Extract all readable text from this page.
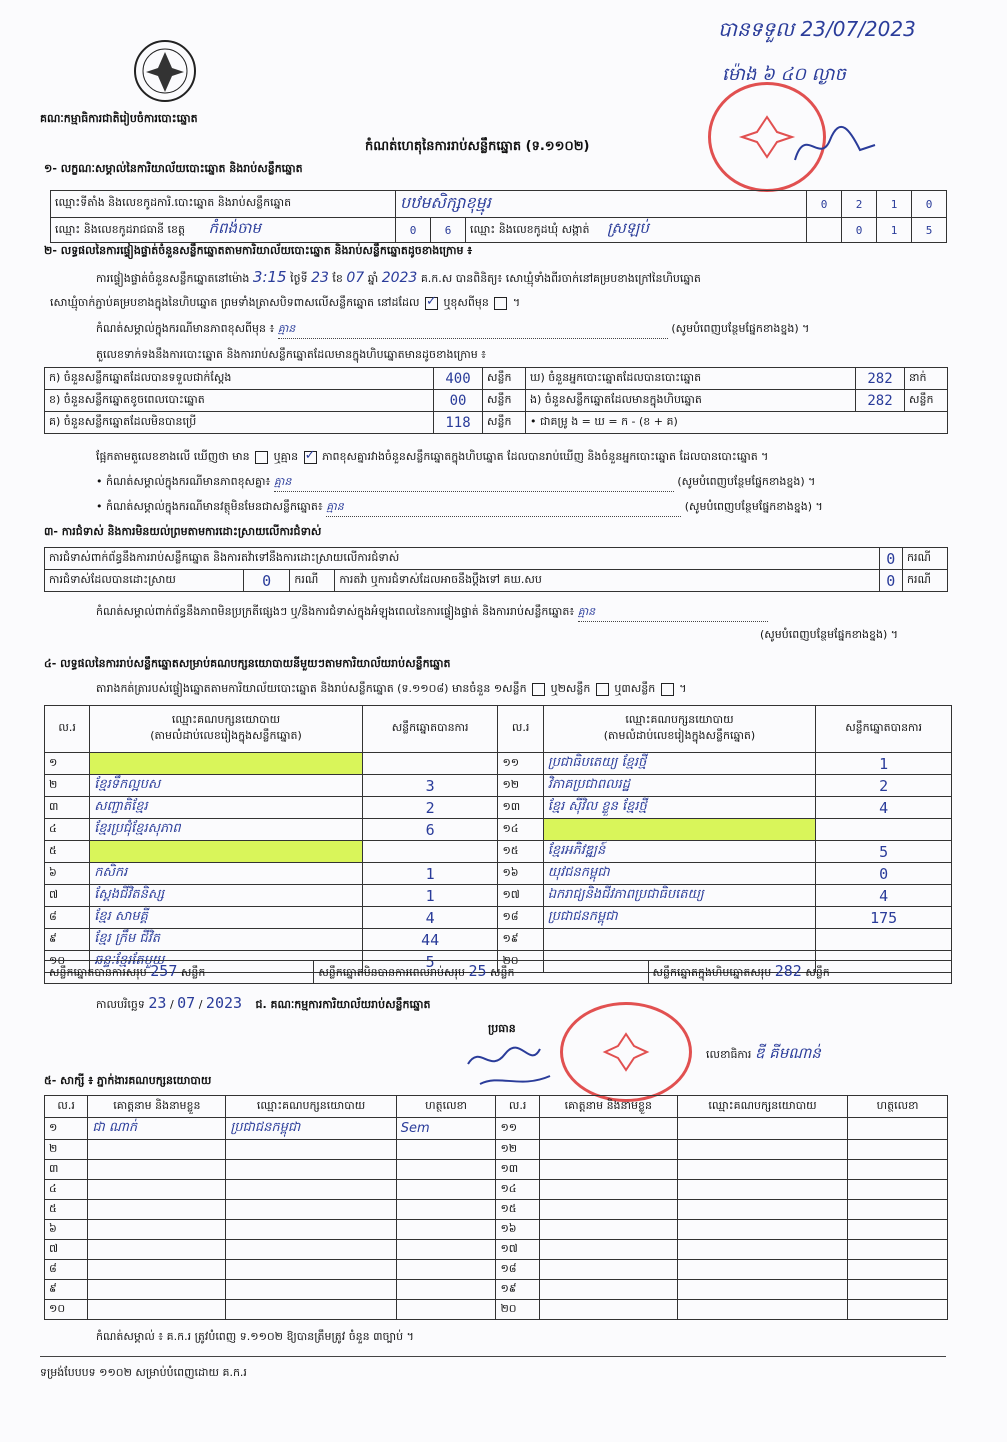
គណៈកម្មាធិការជាតិរៀបចំការបោះឆ្នោត
បានទទួល 23/07/2023
ម៉ោង ៦ ៤០ ល្ងាច
កំណត់ហេតុនៃការរាប់សន្លឹកឆ្នោត (ទ.១១០២)
១- លក្ខណៈសម្គាល់នៃការិយាល័យបោះឆ្នោត និងរាប់សន្លឹកឆ្នោត
ឈ្មោះទីតាំង និងលេខកូដការិ.បោះឆ្នោត និងរាប់សន្លឹកឆ្នោត	បឋមសិក្សាខុម្មុរ			0	2	1	0
ឈ្មោះ និងលេខកូដរាជធានី ខេត្ត កំពង់ចាម	0	6	ឈ្មោះ និងលេខកូដឃុំ សង្កាត់ ស្រឡប់		0	1	5
២- លទ្ធផលនៃការផ្ទៀងផ្ទាត់ចំនួនសន្លឹកឆ្នោតតាមការិយាល័យបោះឆ្នោត និងរាប់សន្លឹកឆ្នោតដូចខាងក្រោម ៖
ការផ្ទៀងផ្ទាត់ចំនួនសន្លឹកឆ្នោតនៅម៉ោង 3:15 ថ្ងៃទី 23 ខែ 07 ឆ្នាំ 2023 គ.ក.ស បានពិនិត្យ៖ សោឃ្មុំទាំងពីរចាក់នៅគម្របខាងក្រៅនៃហិបឆ្នោត
សោឃ្មុំចាក់ភ្ជាប់គម្របខាងក្នុងនៃហិបឆ្នោត ព្រមទាំងត្រាសបិទពាសលើសន្លឹកឆ្នោត នៅដដែល ✓ ឬខុសពីមុន  ។
កំណត់សម្គាល់ក្នុងករណីមានភាពខុសពីមុន ៖ គ្មាន	(សូមបំពេញបន្ថែមផ្នែកខាងខ្នង) ។
តួលេខទាក់ទងនឹងការបោះឆ្នោត និងការរាប់សន្លឹកឆ្នោតដែលមានក្នុងហិបឆ្នោតមានដូចខាងក្រោម ៖
ក) ចំនួនសន្លឹកឆ្នោតដែលបានទទួលជាក់ស្តែង	400	សន្លឹក	ឃ) ចំនួនអ្នកបោះឆ្នោតដែលបានបោះឆ្នោត	282	នាក់
ខ) ចំនួនសន្លឹកឆ្នោតខូចពេលបោះឆ្នោត	00	សន្លឹក	ង) ចំនួនសន្លឹកឆ្នោតដែលមានក្នុងហិបឆ្នោត	282	សន្លឹក
គ) ចំនួនសន្លឹកឆ្នោតដែលមិនបានប្រើ	118	សន្លឹក	• ជាគម្រូ ង = ឃ = ក - (ខ + គ)		
ផ្អែកតាមតួលេខខាងលើ ឃើញថា មាន ឬគ្មាន ✓ ភាពខុសគ្នារវាងចំនួនសន្លឹកឆ្នោតក្នុងហិបឆ្នោត ដែលបានរាប់ឃើញ និងចំនួនអ្នកបោះឆ្នោត ដែលបានបោះឆ្នោត ។
• កំណត់សម្គាល់ក្នុងករណីមានភាពខុសគ្នា៖ គ្មាន	(សូមបំពេញបន្ថែមផ្នែកខាងខ្នង) ។
• កំណត់សម្គាល់ក្នុងករណីមានវត្ថុមិនមែនជាសន្លឹកឆ្នោត៖ គ្មាន	(សូមបំពេញបន្ថែមផ្នែកខាងខ្នង) ។
៣- ការជំទាស់ និងការមិនយល់ព្រមតាមការដោះស្រាយលើការជំទាស់
ការជំទាស់ពាក់ព័ន្ធនឹងការរាប់សន្លឹកឆ្នោត និងការតវ៉ាទៅនឹងការដោះស្រាយលើការជំទាស់				0	ករណី
ការជំទាស់ដែលបានដោះស្រាយ	0	ករណី	ការតវ៉ា ឬការជំទាស់ដែលអាចនឹងប្តឹងទៅ គឃ.សប	0	ករណី
កំណត់សម្គាល់ពាក់ព័ន្ធនឹងភាពមិនប្រក្រតីផ្សេងៗ ឬ/និងការជំទាស់ក្នុងអំឡុងពេលនៃការផ្ទៀងផ្ទាត់ និងការរាប់សន្លឹកឆ្នោត៖ គ្មាន
(សូមបំពេញបន្ថែមផ្នែកខាងខ្នង) ។
៤- លទ្ធផលនៃការរាប់សន្លឹកឆ្នោតសម្រាប់គណបក្សនយោបាយនីមួយៗតាមការិយាល័យរាប់សន្លឹកឆ្នោត
តារាងកត់ត្រារបស់ផ្ទៀងឆ្នោតតាមការិយាល័យបោះឆ្នោត និងរាប់សន្លឹកឆ្នោត (ទ.១១០៨) មានចំនួន ១សន្លឹក ឬ២សន្លឹក ឬ៣សន្លឹក  ។
ល.រ	ឈ្មោះគណបក្សនយោបាយ
(តាមលំដាប់លេខរៀងក្នុងសន្លឹកឆ្នោត)	សន្លឹកឆ្នោតបានការ	ល.រ	ឈ្មោះគណបក្សនយោបាយ
(តាមលំដាប់លេខរៀងក្នុងសន្លឹកឆ្នោត)	សន្លឹកឆ្នោតបានការ
១			១១	ប្រជាធិបតេយ្យ ខ្មែរថ្មី	1
២	ខ្មែរទឹកល្អបស	3	១២	វិភាគប្រជាពលរដ្ឋ	2
៣	សញ្ជាតិខ្មែរ	2	១៣	ខ្មែរ ស៊ីវិល ខ្លួន ខ្មែរថ្មី	4
៤	ខ្មែរប្រជុំខ្មែរសុភាព	6	១៤		
៥			១៥	ខ្មែរអភិវឌ្ឍន៍	5
៦	កសិករ	1	១៦	យុវជនកម្ពុជា	0
៧	ស្តែងជីវិតនិស្ស	1	១៧	ឯករាជ្យនិងជីវភាពប្រជាធិបតេយ្យ	4
៨	ខ្មែរ សាមគ្គី	4	១៨	ប្រជាជនកម្ពុជា	175
៩	ខ្មែរ ក្រឹម ជីវិត	44	១៩		
១០	ឆន្ទៈខ្មែរតែមួយ	5	២០		
សន្លឹកឆ្នោតបានការសរុប 257 សន្លឹក	សន្លឹកឆ្នោតមិនបានការពេលរាប់សរុប 25 សន្លឹក	សន្លឹកឆ្នោតក្នុងហិបឆ្នោតសរុប 282 សន្លឹក
កាលបរិច្ឆេទ 23 / 07 / 2023 ជ. គណៈកម្មការការិយាល័យរាប់សន្លឹកឆ្នោត
ប្រធាន
លេខាធិការ ឌី គីមណាន់
៥- សាក្សី ៖ ភ្នាក់ងារគណបក្សនយោបាយ
ល.រ	គោត្តនាម និងនាមខ្លួន	ឈ្មោះគណបក្សនយោបាយ	ហត្ថលេខា	ល.រ	គោត្តនាម និងនាមខ្លួន	ឈ្មោះគណបក្សនយោបាយ	ហត្ថលេខា
១	ជា ណាក់	ប្រជាជនកម្ពុជា	Sem	១១			
២				១២			
៣				១៣			
៤				១៤			
៥				១៥			
៦				១៦			
៧				១៧			
៨				១៨			
៩				១៩			
១០				២០			
កំណត់សម្គាល់ ៖ គ.ក.រ ត្រូវបំពេញ ទ.១១០២ ឱ្យបានត្រឹមត្រូវ ចំនួន ៣ច្បាប់ ។
ទម្រង់បែបបទ ១១០២ សម្រាប់បំពេញដោយ គ.ក.រ
